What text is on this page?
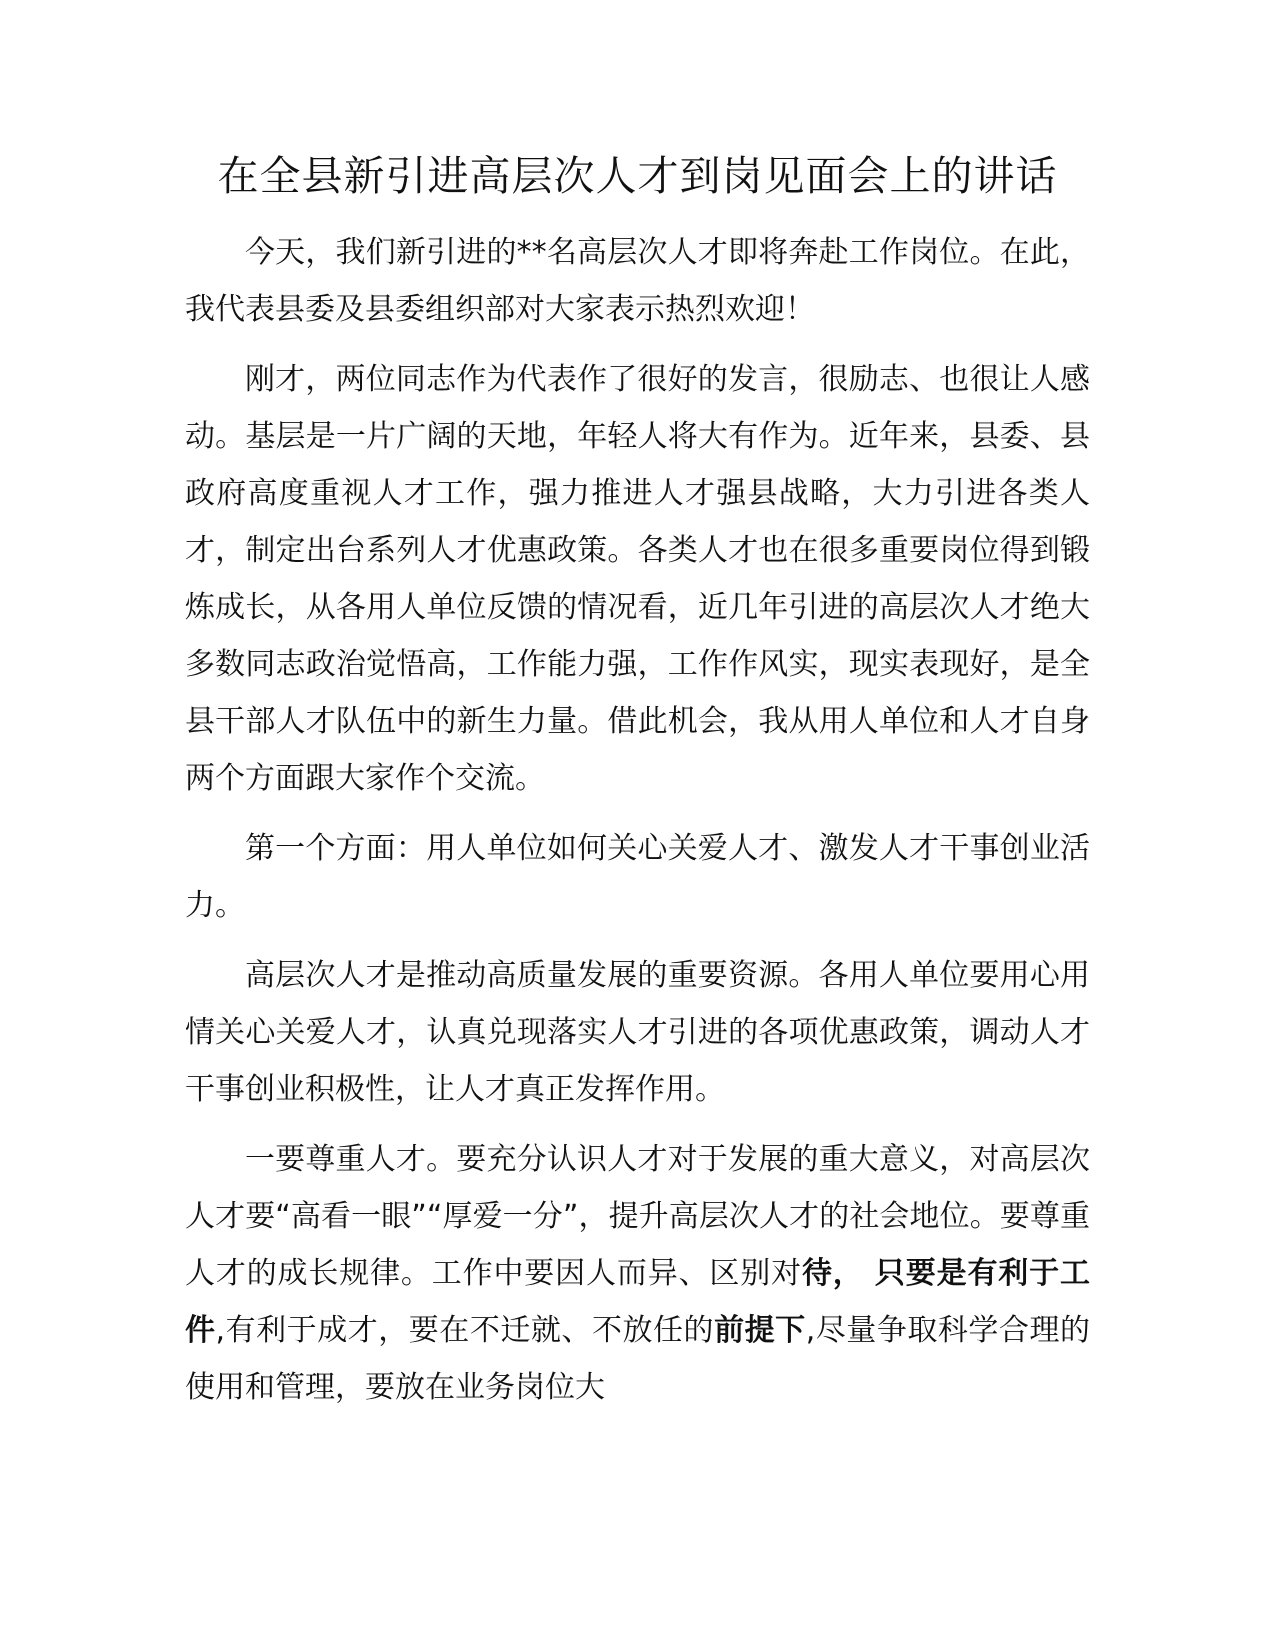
在全县新引进高层次人才到岗见面会上的讲话

今天，我们新引进的**名高层次人才即将奔赴工作岗位。在此，我代表县委及县委组织部对大家表示热烈欢迎！

刚才，两位同志作为代表作了很好的发言，很励志、也很让人感动。基层是一片广阔的天地，年轻人将大有作为。近年来，县委、县政府高度重视人才工作，强力推进人才强县战略，大力引进各类人才，制定出台系列人才优惠政策。各类人才也在很多重要岗位得到锻炼成长，从各用人单位反馈的情况看，近几年引进的高层次人才绝大多数同志政治觉悟高，工作能力强，工作作风实，现实表现好，是全县干部人才队伍中的新生力量。借此机会，我从用人单位和人才自身两个方面跟大家作个交流。

第一个方面：用人单位如何关心关爱人才、激发人才干事创业活力。

高层次人才是推动高质量发展的重要资源。各用人单位要用心用情关心关爱人才，认真兑现落实人才引进的各项优惠政策，调动人才干事创业积极性，让人才真正发挥作用。

一要尊重人才。要充分认识人才对于发展的重大意义，对高层次人才要“高看一眼”“厚爱一分”，提升高层次人才的社会地位。要尊重人才的成长规律。工作中要因人而异、区别对待， 只要是有利于工件,有利于成才，要在不迁就、不放任的前提下,尽量争取科学合理的使用和管理，要放在业务岗位大
